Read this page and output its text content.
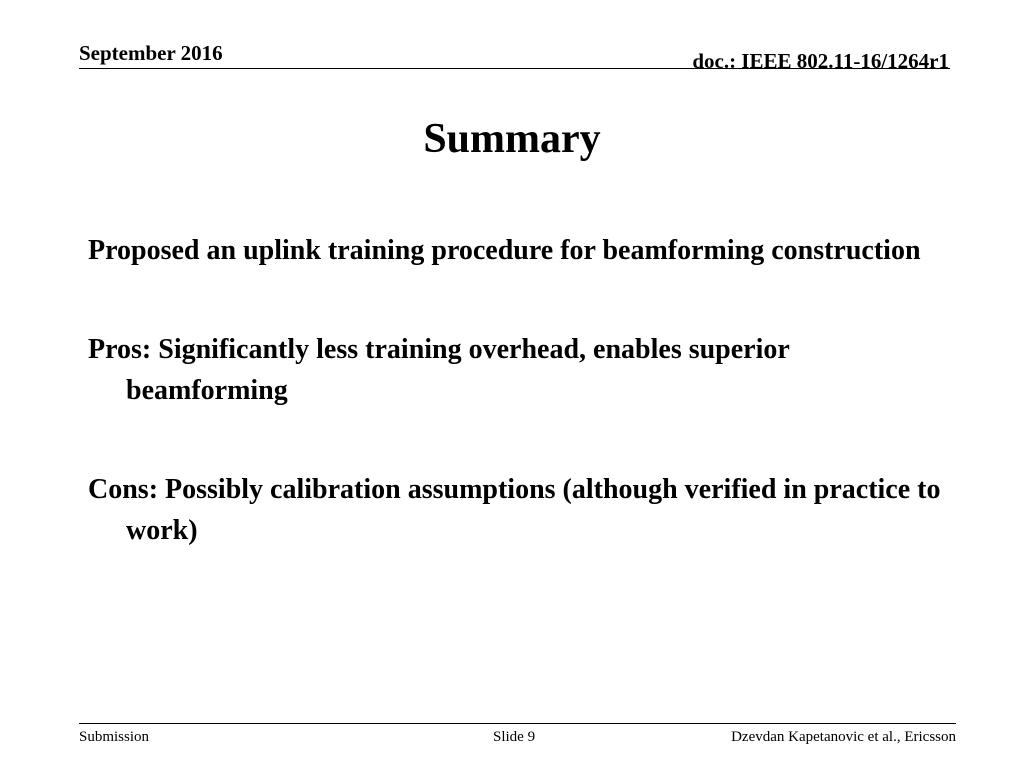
September 2016	doc.: IEEE 802.11-16/1264r1
Summary
Proposed an uplink training procedure for beamforming construction
Pros: Significantly less training overhead, enables superior beamforming
Cons: Possibly calibration assumptions (although verified in practice to work)
Submission	Slide 9	Dzevdan Kapetanovic et al., Ericsson
